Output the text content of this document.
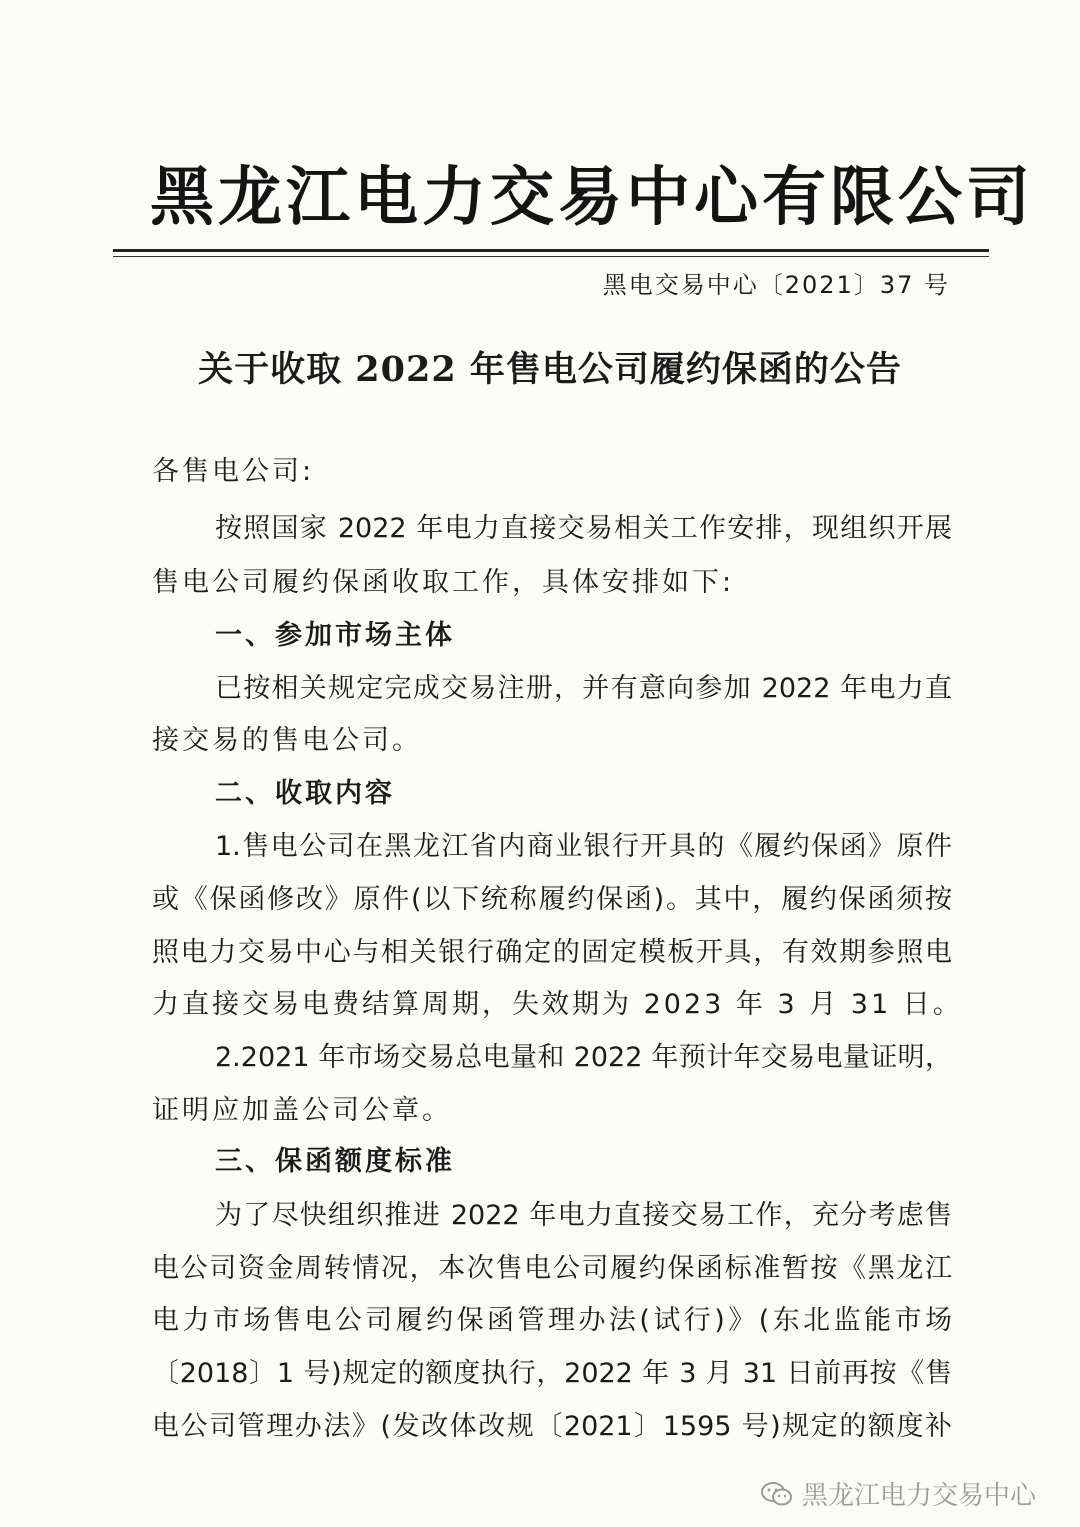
黑龙江电力交易中心有限公司
黑电交易中心〔2021〕37 号
关于收取 2022 年售电公司履约保函的公告
各售电公司:
按照国家 2022 年电力直接交易相关工作安排，现组织开展
售电公司履约保函收取工作，具体安排如下:
一、参加市场主体
已按相关规定完成交易注册，并有意向参加 2022 年电力直
接交易的售电公司。
二、收取内容
1.售电公司在黑龙江省内商业银行开具的《履约保函》原件
或《保函修改》原件(以下统称履约保函)。其中，履约保函须按
照电力交易中心与相关银行确定的固定模板开具，有效期参照电
力直接交易电费结算周期，失效期为 2023 年 3 月 31 日。
2.2021 年市场交易总电量和 2022 年预计年交易电量证明，
证明应加盖公司公章。
三、保函额度标准
为了尽快组织推进 2022 年电力直接交易工作，充分考虑售
电公司资金周转情况，本次售电公司履约保函标准暂按《黑龙江
电力市场售电公司履约保函管理办法(试行)》(东北监能市场
〔2018〕1 号)规定的额度执行，2022 年 3 月 31 日前再按《售
电公司管理办法》(发改体改规〔2021〕1595 号)规定的额度补
黑龙江电力交易中心
